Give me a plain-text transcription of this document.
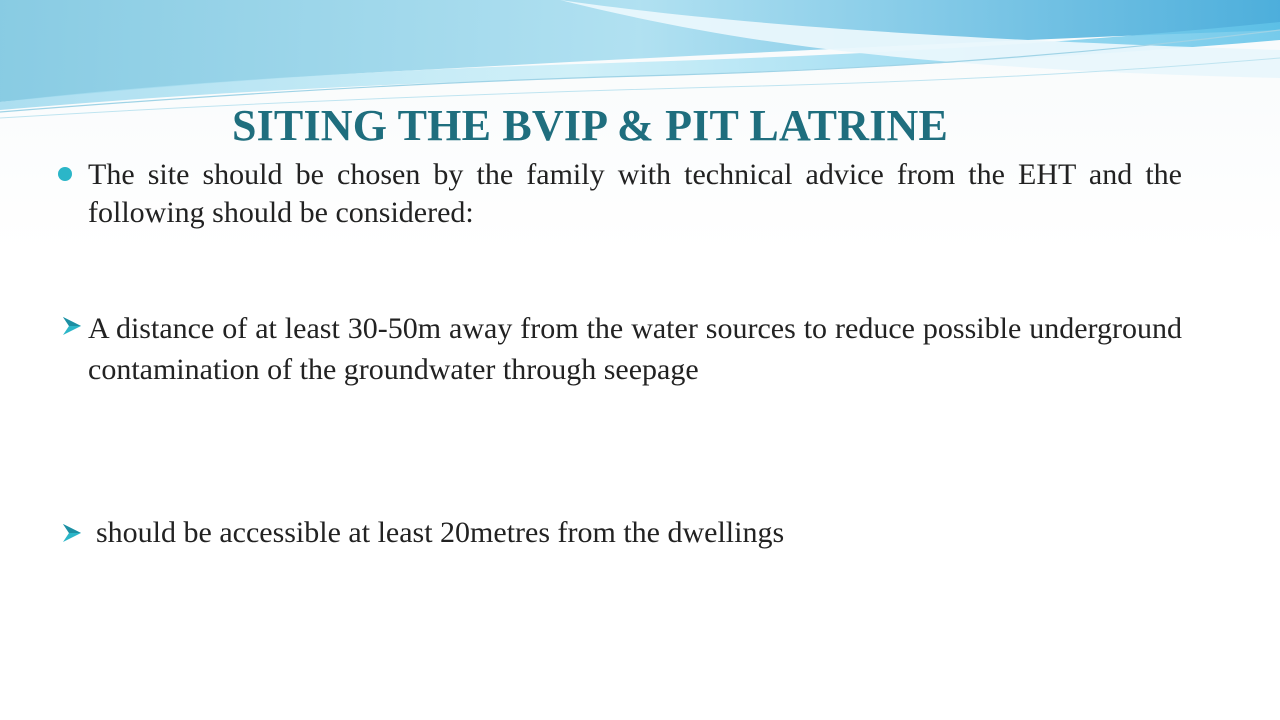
SITING THE BVIP & PIT LATRINE
The site should be chosen by the family with technical advice from the EHT and the following should be considered:
A distance of at least 30-50m away from the water sources to reduce possible underground contamination of the groundwater through seepage
should be accessible at least 20metres from the dwellings
